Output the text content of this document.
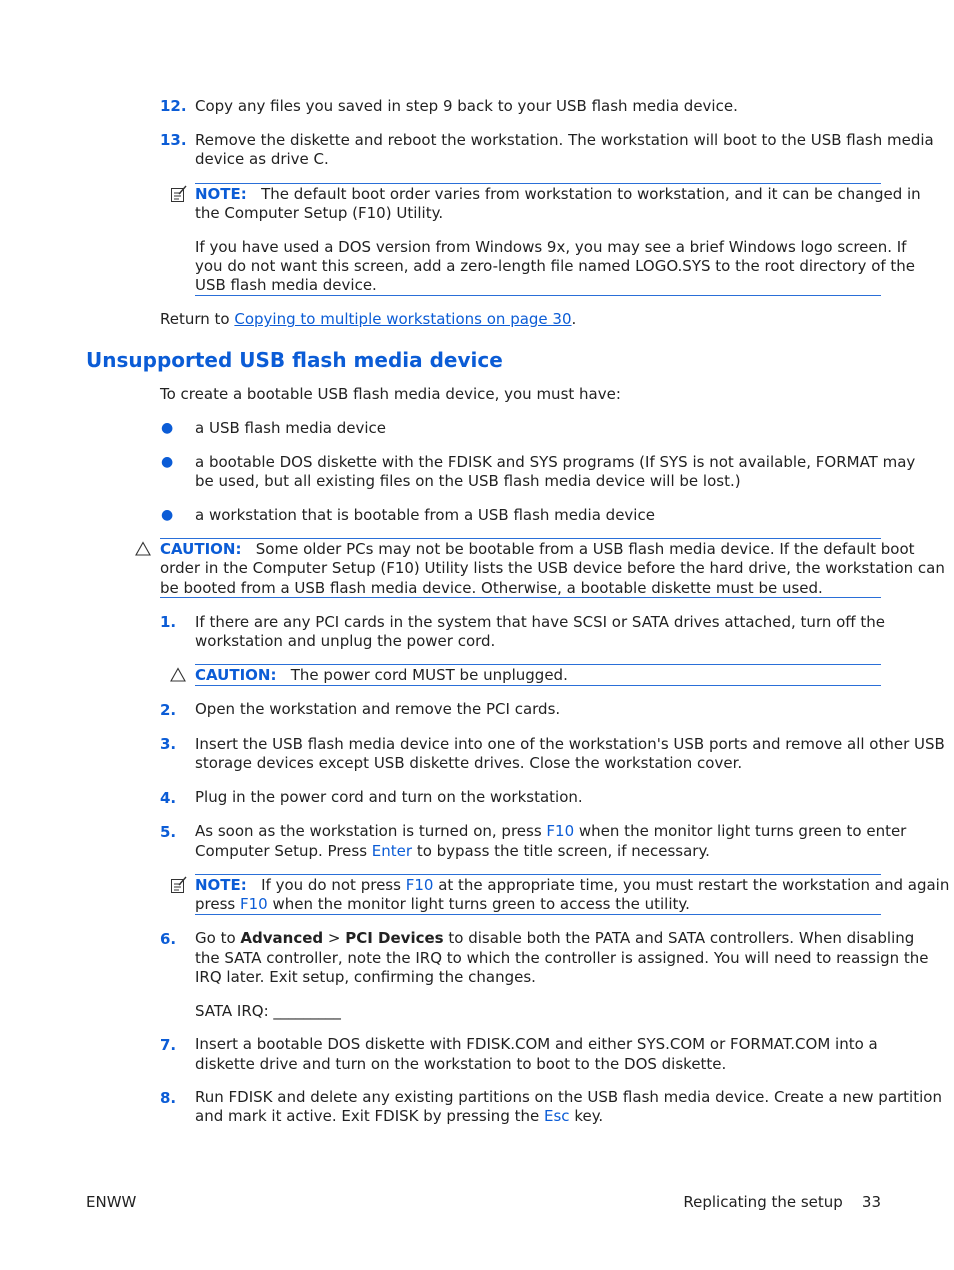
12. Copy any files you saved in step 9 back to your USB flash media device.
13. Remove the diskette and reboot the workstation. The workstation will boot to the USB flash media
device as drive C.
NOTE: The default boot order varies from workstation to workstation, and it can be changed in
the Computer Setup (F10) Utility.
If you have used a DOS version from Windows 9x, you may see a brief Windows logo screen. If
you do not want this screen, add a zero-length file named LOGO.SYS to the root directory of the
USB flash media device.
Return to Copying to multiple workstations on page 30.
Unsupported USB flash media device
To create a bootable USB flash media device, you must have:
● a USB flash media device
● a bootable DOS diskette with the FDISK and SYS programs (If SYS is not available, FORMAT may
be used, but all existing files on the USB flash media device will be lost.)
● a workstation that is bootable from a USB flash media device
CAUTION: Some older PCs may not be bootable from a USB flash media device. If the default boot
order in the Computer Setup (F10) Utility lists the USB device before the hard drive, the workstation can
be booted from a USB flash media device. Otherwise, a bootable diskette must be used.
1. If there are any PCI cards in the system that have SCSI or SATA drives attached, turn off the
workstation and unplug the power cord.
CAUTION: The power cord MUST be unplugged.
2. Open the workstation and remove the PCI cards.
3. Insert the USB flash media device into one of the workstation's USB ports and remove all other USB
storage devices except USB diskette drives. Close the workstation cover.
4. Plug in the power cord and turn on the workstation.
5. As soon as the workstation is turned on, press F10 when the monitor light turns green to enter
Computer Setup. Press Enter to bypass the title screen, if necessary.
NOTE: If you do not press F10 at the appropriate time, you must restart the workstation and again
press F10 when the monitor light turns green to access the utility.
6. Go to Advanced > PCI Devices to disable both the PATA and SATA controllers. When disabling
the SATA controller, note the IRQ to which the controller is assigned. You will need to reassign the
IRQ later. Exit setup, confirming the changes.
SATA IRQ: _________
7. Insert a bootable DOS diskette with FDISK.COM and either SYS.COM or FORMAT.COM into a
diskette drive and turn on the workstation to boot to the DOS diskette.
8. Run FDISK and delete any existing partitions on the USB flash media device. Create a new partition
and mark it active. Exit FDISK by pressing the Esc key.
ENWW	Replicating the setup 33
